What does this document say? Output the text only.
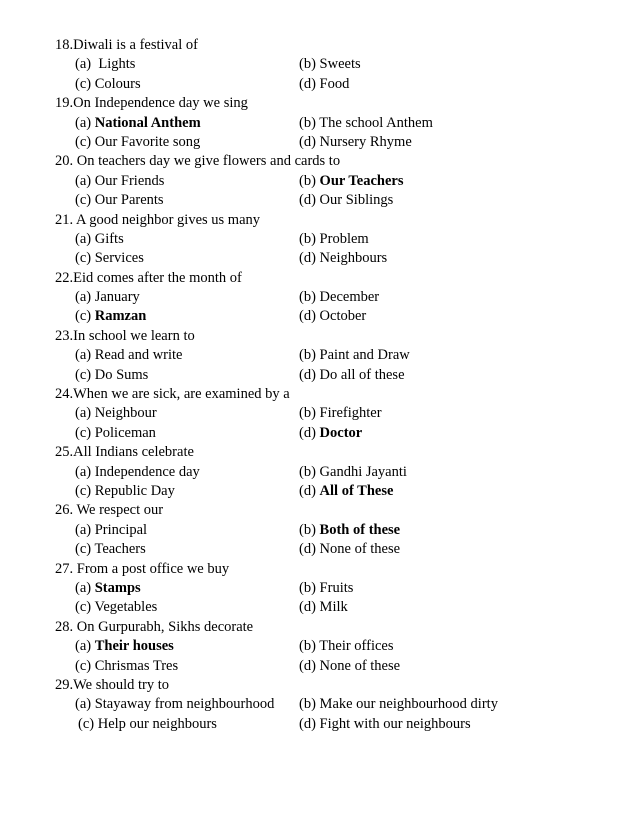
18.Diwali is a festival of
(a)  Lights	(b) Sweets
(c) Colours	(d) Food
19.On Independence day we sing
(a) National Anthem	(b) The school Anthem
(c) Our Favorite song	(d) Nursery Rhyme
20. On teachers day we give flowers and cards to
(a) Our Friends	(b) Our Teachers
(c) Our Parents	(d) Our Siblings
21. A good neighbor gives us many
(a) Gifts	(b) Problem
(c) Services	(d) Neighbours
22.Eid comes after the month of
(a) January	(b) December
(c) Ramzan	(d) October
23.In school we learn to
(a) Read and write	(b) Paint and Draw
(c) Do Sums	(d) Do all of these
24.When we are sick, are examined by a
(a) Neighbour	(b) Firefighter
(c) Policeman	(d) Doctor
25.All Indians celebrate
(a) Independence day	(b) Gandhi Jayanti
(c) Republic Day	(d) All of These
26. We respect our
(a) Principal	(b) Both of these
(c) Teachers	(d) None of these
27. From a post office we buy
(a) Stamps	(b) Fruits
(c) Vegetables	(d) Milk
28. On Gurpurabh, Sikhs decorate
(a) Their houses	(b) Their offices
(c) Chrismas Tres	(d) None of these
29.We should try to
(a) Stayaway from neighbourhood (b) Make our neighbourhood dirty
(c) Help our neighbours	(d) Fight with our neighbours
